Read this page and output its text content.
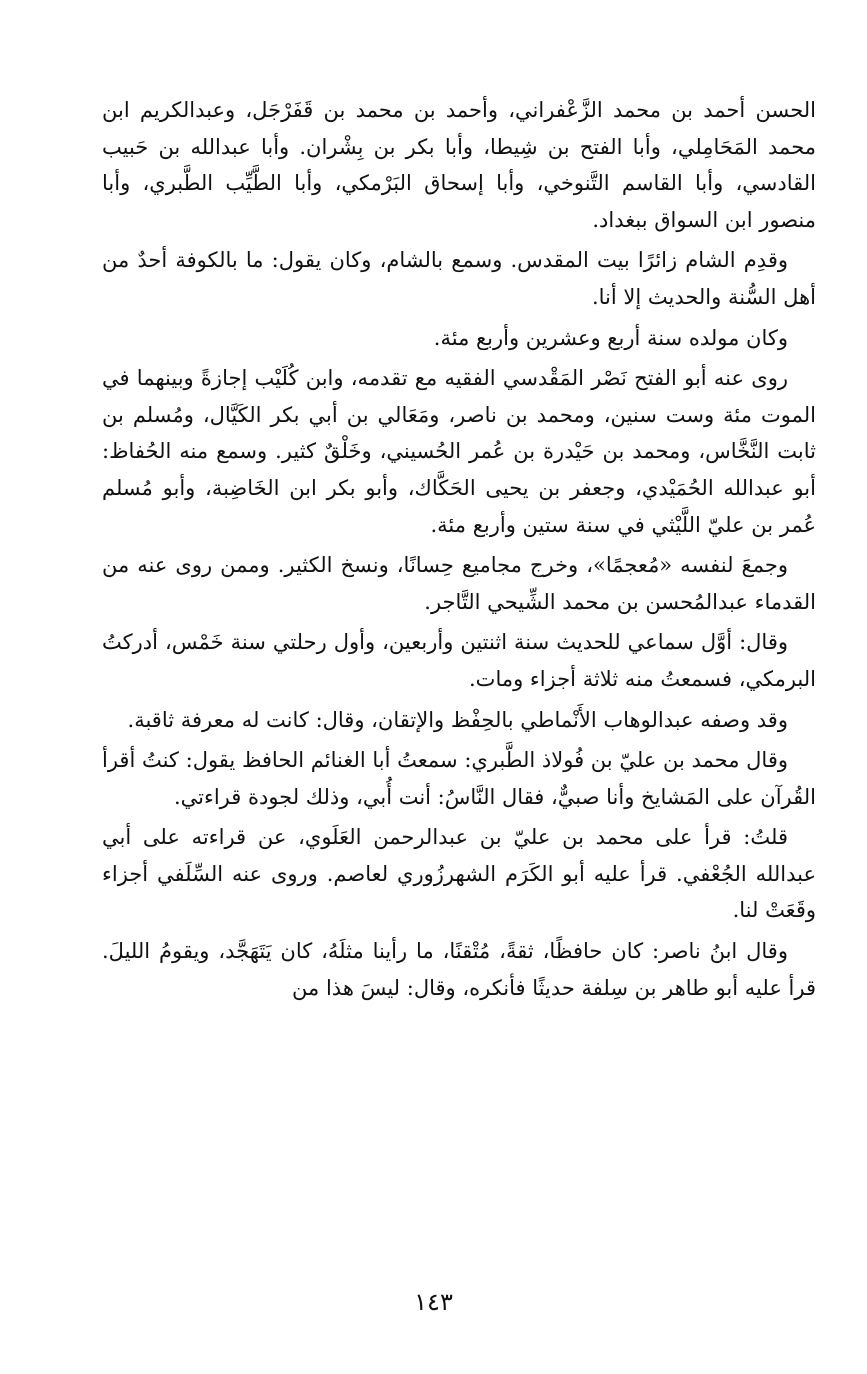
الحسن أحمد بن محمد الزَّعْفراني، وأحمد بن محمد بن قَفَرْجَل، وعبدالكريم ابن محمد المَحَامِلي، وأبا الفتح بن شِيطا، وأبا بكر بن بِشْران. وأبا عبدالله بن حَبيب القادسي، وأبا القاسم التَّنوخي، وأبا إسحاق البَرْمكي، وأبا الطَّيِّب الطَّبري، وأبا منصور ابن السواق ببغداد.

وقدِم الشام زائرًا بيت المقدس. وسمع بالشام، وكان يقول: ما بالكوفة أحدٌ من أهل السُّنة والحديث إلا أنا.

وكان مولده سنة أربع وعشرين وأربع مئة.

روى عنه أبو الفتح نَصْر المَقْدسي الفقيه مع تقدمه، وابن كُلَيْب إجازةً وبينهما في الموت مئة وست سنين، ومحمد بن ناصر، ومَعَالي بن أبي بكر الكَيَّال، ومُسلم بن ثابت النَّخَّاس، ومحمد بن حَيْدرة بن عُمر الحُسيني، وخَلْقٌ كثير. وسمع منه الحُفاظ: أبو عبدالله الحُمَيْدي، وجعفر بن يحيى الحَكَّاك، وأبو بكر ابن الخَاضِبة، وأبو مُسلم عُمر بن عليّ اللَّيْثي في سنة ستين وأربع مئة.

وجمعَ لنفسه «مُعجمًا»، وخرج مجاميع حِسانًا، ونسخ الكثير. وممن روى عنه من القدماء عبدالمُحسن بن محمد الشِّيحي التَّاجر.

وقال: أوَّل سماعي للحديث سنة اثنتين وأربعين، وأول رحلتي سنة خَمْس، أدركتُ البرمكي، فسمعتُ منه ثلاثة أجزاء ومات.

وقد وصفه عبدالوهاب الأَنْماطي بالحِفْظ والإتقان، وقال: كانت له معرفة ثاقبة.

وقال محمد بن عليّ بن فُولاذ الطَّبري: سمعتُ أبا الغنائم الحافظ يقول: كنتُ أقرأ القُرآن على المَشايخ وأنا صبيٌّ، فقال النَّاسُ: أنت أُبي، وذلك لجودة قراءتي.

قلتُ: قرأ على محمد بن عليّ بن عبدالرحمن العَلَوي، عن قراءته على أبي عبدالله الجُعْفي. قرأ عليه أبو الكَرَم الشهرزُوري لعاصم. وروى عنه السِّلَفي أجزاء وقَعَتْ لنا.

وقال ابنُ ناصر: كان حافظًا، ثقةً، مُتْقنًا، ما رأينا مثلَهُ، كان يَتَهَجَّد، ويقومُ الليلَ. قرأ عليه أبو طاهر بن سِلفة حديثًا فأنكره، وقال: ليسَ هذا من

١٤٣
